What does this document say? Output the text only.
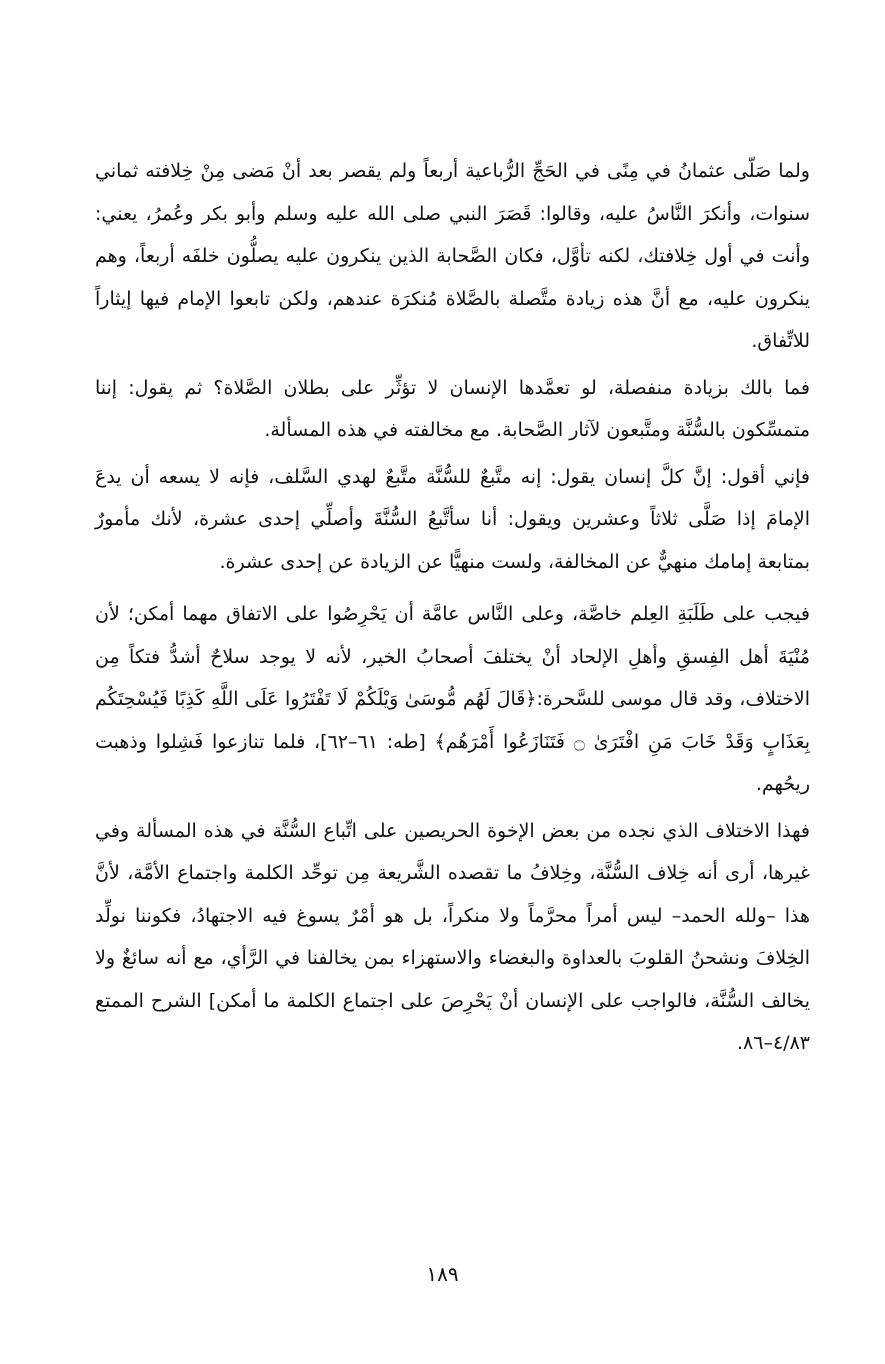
ولما صَلّى عثمانُ في مِنًى في الحَجِّ الرُّباعية أربعاً ولم يقصر بعد أنْ مَضى مِنْ خِلافته ثماني سنوات، وأنكرَ النَّاسُ عليه، وقالوا: قَصَرَ النبي صلى الله عليه وسلم وأبو بكر وعُمرُ، يعني: وأنت في أول خِلافتك، لكنه تأوَّل، فكان الصَّحابة الذين ينكرون عليه يصلُّون خلفَه أربعاً، وهم ينكرون عليه، مع أنَّ هذه زيادة متَّصلة بالصَّلاة مُنكرَة عندهم، ولكن تابعوا الإمام فيها إيثاراً للاتِّفاق.

فما بالك بزيادة منفصلة، لو تعمَّدها الإنسان لا تؤثِّر على بطلان الصَّلاة؟ ثم يقول: إننا متمسِّكون بالسُّنَّة ومتَّبعون لآثار الصَّحابة. مع مخالفته في هذه المسألة.

فإني أقول: إنَّ كلَّ إنسان يقول: إنه متَّبعٌ للسُّنَّة متَّبعٌ لهدي السَّلف، فإنه لا يسعه أن يدعَ الإمامَ إذا صَلَّى ثلاثاً وعشرين ويقول: أنا سأتَّبعُ السُّنَّةَ وأصلِّي إحدى عشرة، لأنك مأمورٌ بمتابعة إمامك منهيٌّ عن المخالفة، ولست منهيًّا عن الزيادة عن إحدى عشرة.

فيجب على طَلَبَةِ العِلم خاصَّة، وعلى النَّاس عامَّة أن يَحْرِصُوا على الاتفاق مهما أمكن؛ لأن مُنْيَةَ أهل الفِسقِ وأهلِ الإلحاد أنْ يختلفَ أصحابُ الخير، لأنه لا يوجد سلاحٌ أشدُّ فتكاً مِن الاختلاف، وقد قال موسى للسَّحرة:﴿قَالَ لَهُم مُّوسَىٰ وَيْلَكُمْ لَا تَفْتَرُوا عَلَى اللَّهِ كَذِبًا فَيُسْحِتَكُم بِعَذَابٍ وَقَدْ خَابَ مَنِ افْتَرَىٰ ۝ فَتَنَازَعُوا أَمْرَهُم﴾ [طه: ٦١–٦٢]، فلما تنازعوا فَشِلوا وذهبت ريحُهم.

فهذا الاختلاف الذي نجده من بعض الإخوة الحريصين على اتِّباع السُّنَّة في هذه المسألة وفي غيرها، أرى أنه خِلاف السُّنَّة، وخِلافُ ما تقصده الشَّريعة مِن توحِّد الكلمة واجتماع الأمَّة، لأنَّ هذا –ولله الحمد– ليس أمراً محرَّماً ولا منكراً، بل هو أمْرٌ يسوغ فيه الاجتهادُ، فكوننا نولِّد الخِلافَ ونشحنُ القلوبَ بالعداوة والبغضاء والاستهزاء بمن يخالفنا في الرَّأي، مع أنه سائغٌ ولا يخالف السُّنَّة، فالواجب على الإنسان أنْ يَحْرِصَ على اجتماع الكلمة ما أمكن] الشرح الممتع ٤/٨٣–٨٦.

١٨٩
